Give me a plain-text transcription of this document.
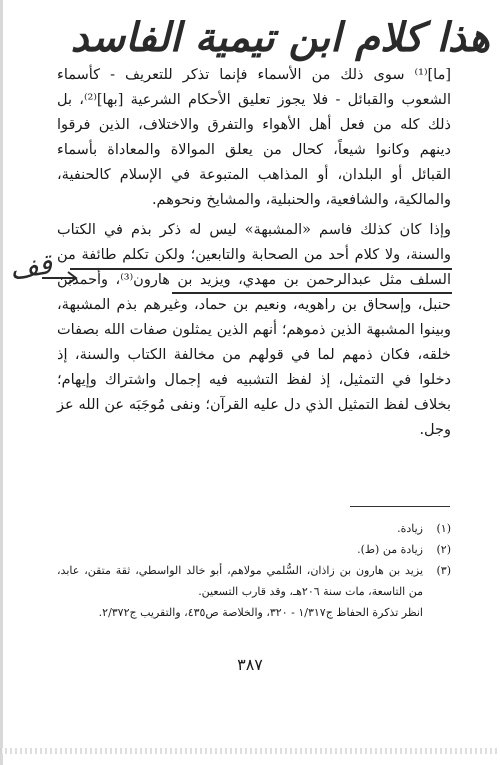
هذا كلام ابن تيمية الفاسد
قف

[ما]⁽¹⁾ سوى ذلك من الأسماء فإنما تذكر للتعريف - كأسماء الشعوب والقبائل - فلا يجوز تعليق الأحكام الشرعية [بها]⁽²⁾، بل ذلك كله من فعل أهل الأهواء والتفرق والاختلاف، الذين فرقوا دينهم وكانوا شيعاً، كحال من يعلق الموالاة والمعاداة بأسماء القبائل أو البلدان، أو المذاهب المتبوعة في الإسلام كالحنفية، والمالكية، والشافعية، والحنبلية، والمشايخ ونحوهم.

وإذا كان كذلك فاسم «المشبهة» ليس له ذكر بذم في الكتاب والسنة، ولا كلام أحد من الصحابة والتابعين؛ ولكن تكلم طائفة من السلف مثل عبدالرحمن بن مهدي، ويزيد بن هارون⁽³⁾، وأحمدبن حنبل، وإسحاق بن راهويه، ونعيم بن حماد، وغيرهم بذم المشبهة، وبينوا المشبهة الذين ذموهم؛ أنهم الذين يمثلون صفات الله بصفات خلقه، فكان ذمهم لما في قولهم من مخالفة الكتاب والسنة، إذ دخلوا في التمثيل، إذ لفظ التشبيه فيه إجمال واشتراك وإيهام؛ بخلاف لفظ التمثيل الذي دل عليه القرآن؛ ونفى مُوجَبَه عن الله عز وجل.

(١)
زيادة.
(٢)
زيادة من (ط).
(٣)
يزيد بن هارون بن زاذان، السُّلمي مولاهم، أبو خالد الواسطي، ثقة متقن، عابد، من التاسعة، مات سنة ٢٠٦هـ، وقد قارب التسعين.

انظر تذكرة الحفاظ ج١/٣١٧ - ٣٢٠، والخلاصة ص٤٣٥، والتقريب ج٢/٣٧٢.

٣٨٧
